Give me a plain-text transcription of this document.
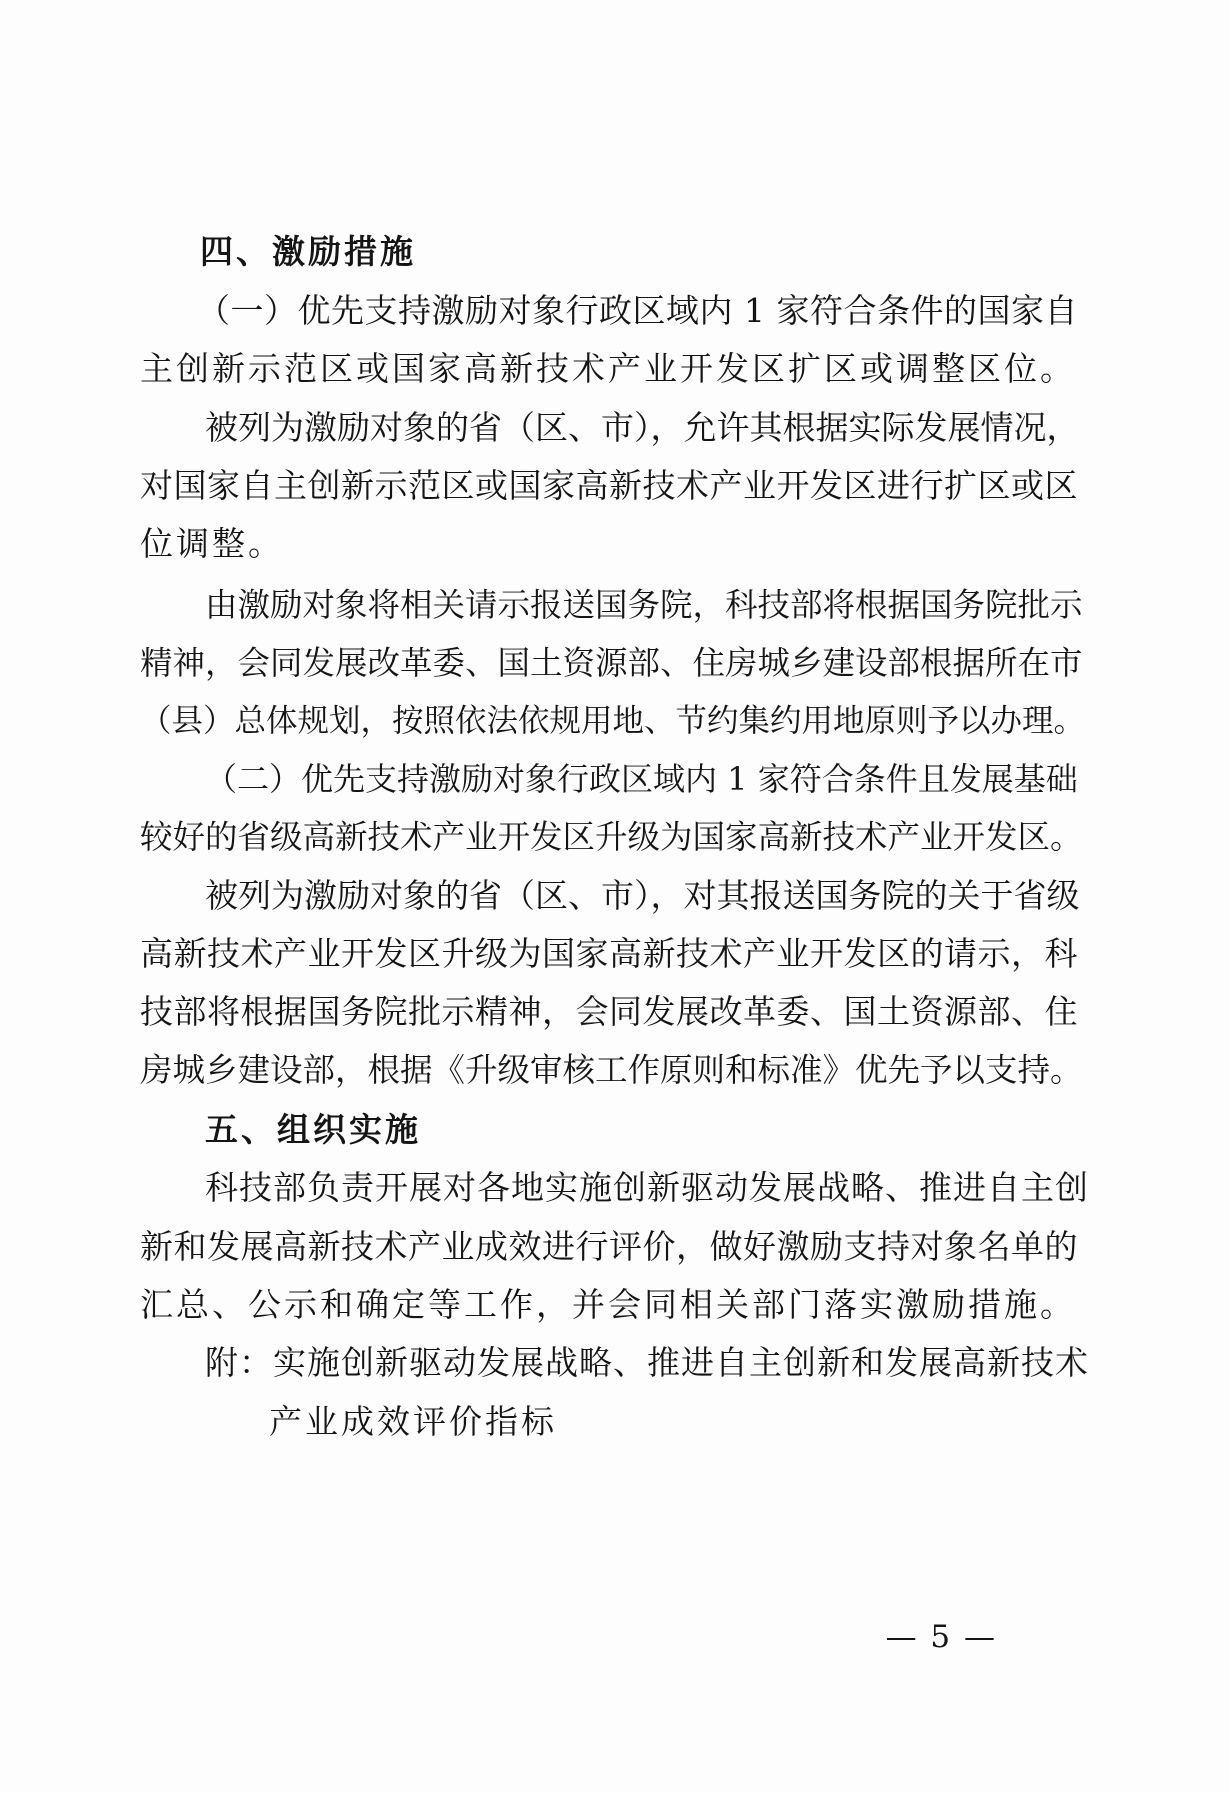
四、激励措施
（一）优先支持激励对象行政区域内 1 家符合条件的国家自
主创新示范区或国家高新技术产业开发区扩区或调整区位。
被列为激励对象的省（区、市），允许其根据实际发展情况，
对国家自主创新示范区或国家高新技术产业开发区进行扩区或区
位调整。
由激励对象将相关请示报送国务院，科技部将根据国务院批示
精神，会同发展改革委、国土资源部、住房城乡建设部根据所在市
（县）总体规划，按照依法依规用地、节约集约用地原则予以办理。
（二）优先支持激励对象行政区域内 1 家符合条件且发展基础
较好的省级高新技术产业开发区升级为国家高新技术产业开发区。
被列为激励对象的省（区、市），对其报送国务院的关于省级
高新技术产业开发区升级为国家高新技术产业开发区的请示，科
技部将根据国务院批示精神，会同发展改革委、国土资源部、住
房城乡建设部，根据《升级审核工作原则和标准》优先予以支持。
五、组织实施
科技部负责开展对各地实施创新驱动发展战略、推进自主创
新和发展高新技术产业成效进行评价，做好激励支持对象名单的
汇总、公示和确定等工作，并会同相关部门落实激励措施。
附：实施创新驱动发展战略、推进自主创新和发展高新技术
产业成效评价指标
— 5 —
